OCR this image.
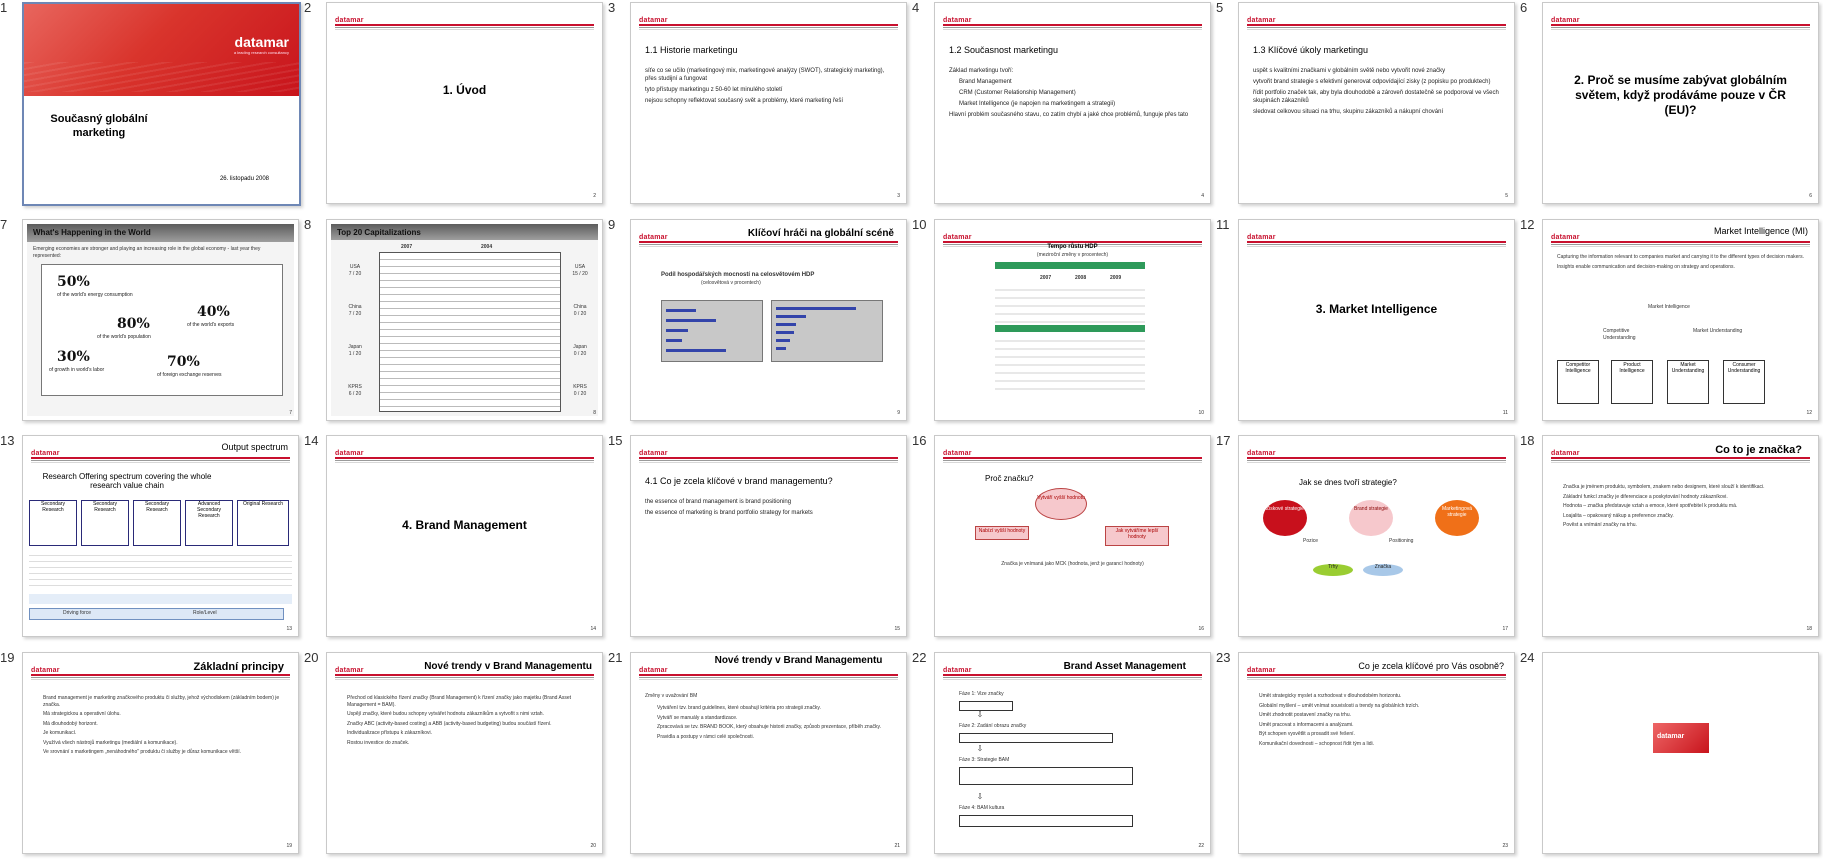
1
datamar
a leading research consultancy
Současný globální marketing
26. listopadu 2008
2
datamar
1. Úvod
2
3
datamar
1.1 Historie marketingu
síťe co se učilo (marketingový mix, marketingové analýzy (SWOT), strategický marketing), přes studijní a fungovat
tyto přístupy marketingu z 50-60 let minulého století
nejsou schopny reflektovat současný svět a problémy, které marketing řeší
3
4
datamar
1.2 Současnost marketingu
Základ marketingu tvoří:
Brand Management
CRM (Customer Relationship Management)
Market Intelligence (je napojen na marketingem a strategii)
Hlavní problém současného stavu, co zatím chybí a jaké chce problémů, funguje přes tato
4
5
datamar
1.3 Klíčové úkoly marketingu
uspět s kvalitními značkami v globálním světě nebo vytvořit nové značky
vytvořit brand strategie s efektivní generovat odpovídající zisky (z popisku po produktech)
řídit portfolio značek tak, aby byla dlouhodobě a zároveň dostatečně se podporoval ve všech skupinách zákazníků
sledovat celkovou situaci na trhu, skupinu zákazníků a nákupní chování
5
6
datamar
2. Proč se musíme zabývat globálním světem, když prodáváme pouze v ČR (EU)?
6
7
What's Happening in the World
Emerging economies are stronger and playing an increasing role in the global economy - last year they represented:
50%
of the world's energy consumption
40%
of the world's exports
80%
of the world's population
30%
of growth in world's labor	70%
of foreign exchange reserves
7
8
Top 20 Capitalizations
2007	2004
USA
7 / 20
China
7 / 20
Japan
1 / 20
KPRS
6 / 20
USA
15 / 20
China
0 / 20
Japan
0 / 20
KPRS
0 / 20
8
9
datamar	Klíčoví hráči na globální scéně
Podíl hospodářských mocností na celosvětovém HDP
(celosvětová v procentech)
9
10
datamar
Tempo růstu HDP
(meziroční změny v procentech)
2007	2008	2009
10
11
datamar
3. Market Intelligence
11
12
datamar
Market Intelligence (MI)
Capturing the information relevant to companies market and carrying it to the different types of decision makers.
Insights enable communication and decision-making on strategy and operations.
Market Intelligence
Competitive Understanding
Market Understanding
Competitor Intelligence
Product Intelligence
Market Understanding
Consumer Understanding
12
13
datamar
Output spectrum
Research Offering spectrum covering the whole research value chain
Secondary Research
Secondary Research
Secondary Research
Advanced Secondary Research
Original Research
Driving force	Role/Level
13
14
datamar
4. Brand Management
14
15
datamar
4.1 Co je zcela klíčové v brand managementu?
the essence of brand management is brand positioning
the essence of marketing is brand portfolio strategy for markets
15
16
datamar
Proč značku?
Vytváří vyšší hodnotu
Nabízí vyšší hodnoty	Jak vytváříme lepší hodnoty
Značka je vnímaná jako MCK (hodnota, jenž je garancí hodnoty)
16
17
datamar
Jak se dnes tvoří strategie?
Ziskové strategie	Brand strategie	Marketingová strategie
Trhy	Značka
Pozice	Positioning
17
18
datamar	Co to je značka?
Značka je jménem produktu, symbolem, znakem nebo designem, které slouží k identifikaci.
Základní funkcí značky je diferenciace a poskytování hodnoty zákazníkovi.
Hodnota – značka představuje vztah a emoce, které spotřebitel k produktu má.
Loajalita – opakovaný nákup a preference značky.
Pověst a vnímání značky na trhu.
18
19
datamar	Základní principy
Brand management je marketing značkového produktu či služby, jehož východiskem (základním bodem) je značka.
Má strategickou a operativní úlohu.
Má dlouhodobý horizont.
Je komunikací.
Využívá všech nástrojů marketingu (mediální a komunikace).
Ve srovnání s marketingem „nenáhodného" produktu či služby je důraz komunikace větší.
19
20
datamar	Nové trendy v Brand Managementu
Přechod od klasického řízení značky (Brand Management) k řízení značky jako majetku (Brand Asset Management = BAM).
Uspějí značky, které budou schopny vytvářet hodnotu zákazníkům a vytvořit s nimi vztah.
Značky ABC (activity-based costing) a ABB (activity-based budgeting) budou součástí řízení.
Individualizace přístupu k zákazníkovi.
Rostou investice do značek.
20
21
datamar
Nové trendy v Brand Managementu
Změny v uvažování BM
Vytváření tzv. brand guidelines, které obsahují kritéria pro strategii značky.
Vytváří se manuály a standardizace.
Zpracovává se tzv. BRAND BOOK, který obsahuje historii značky, způsob prezentace, příběh značky.
Pravidla a postupy v rámci celé společnosti.
21
22
datamar	Brand Asset Management
Fáze 1: Vize značky
⇩
Fáze 2: Zadání obrazu značky
⇩
Fáze 3: Strategie BAM
⇩
Fáze 4: BAM kultura
22
23
datamar	Co je zcela klíčové pro Vás osobně?
Umět strategicky myslet a rozhodovat v dlouhodobém horizontu.
Globální myšlení – umět vnímat souvislosti a trendy na globálních trzích.
Umět zhodnotit postavení značky na trhu.
Umět pracovat s informacemi a analýzami.
Být schopen vysvětlit a prosadit své řešení.
Komunikační dovednosti – schopnost řídit tým a lidi.
23
24
datamar
